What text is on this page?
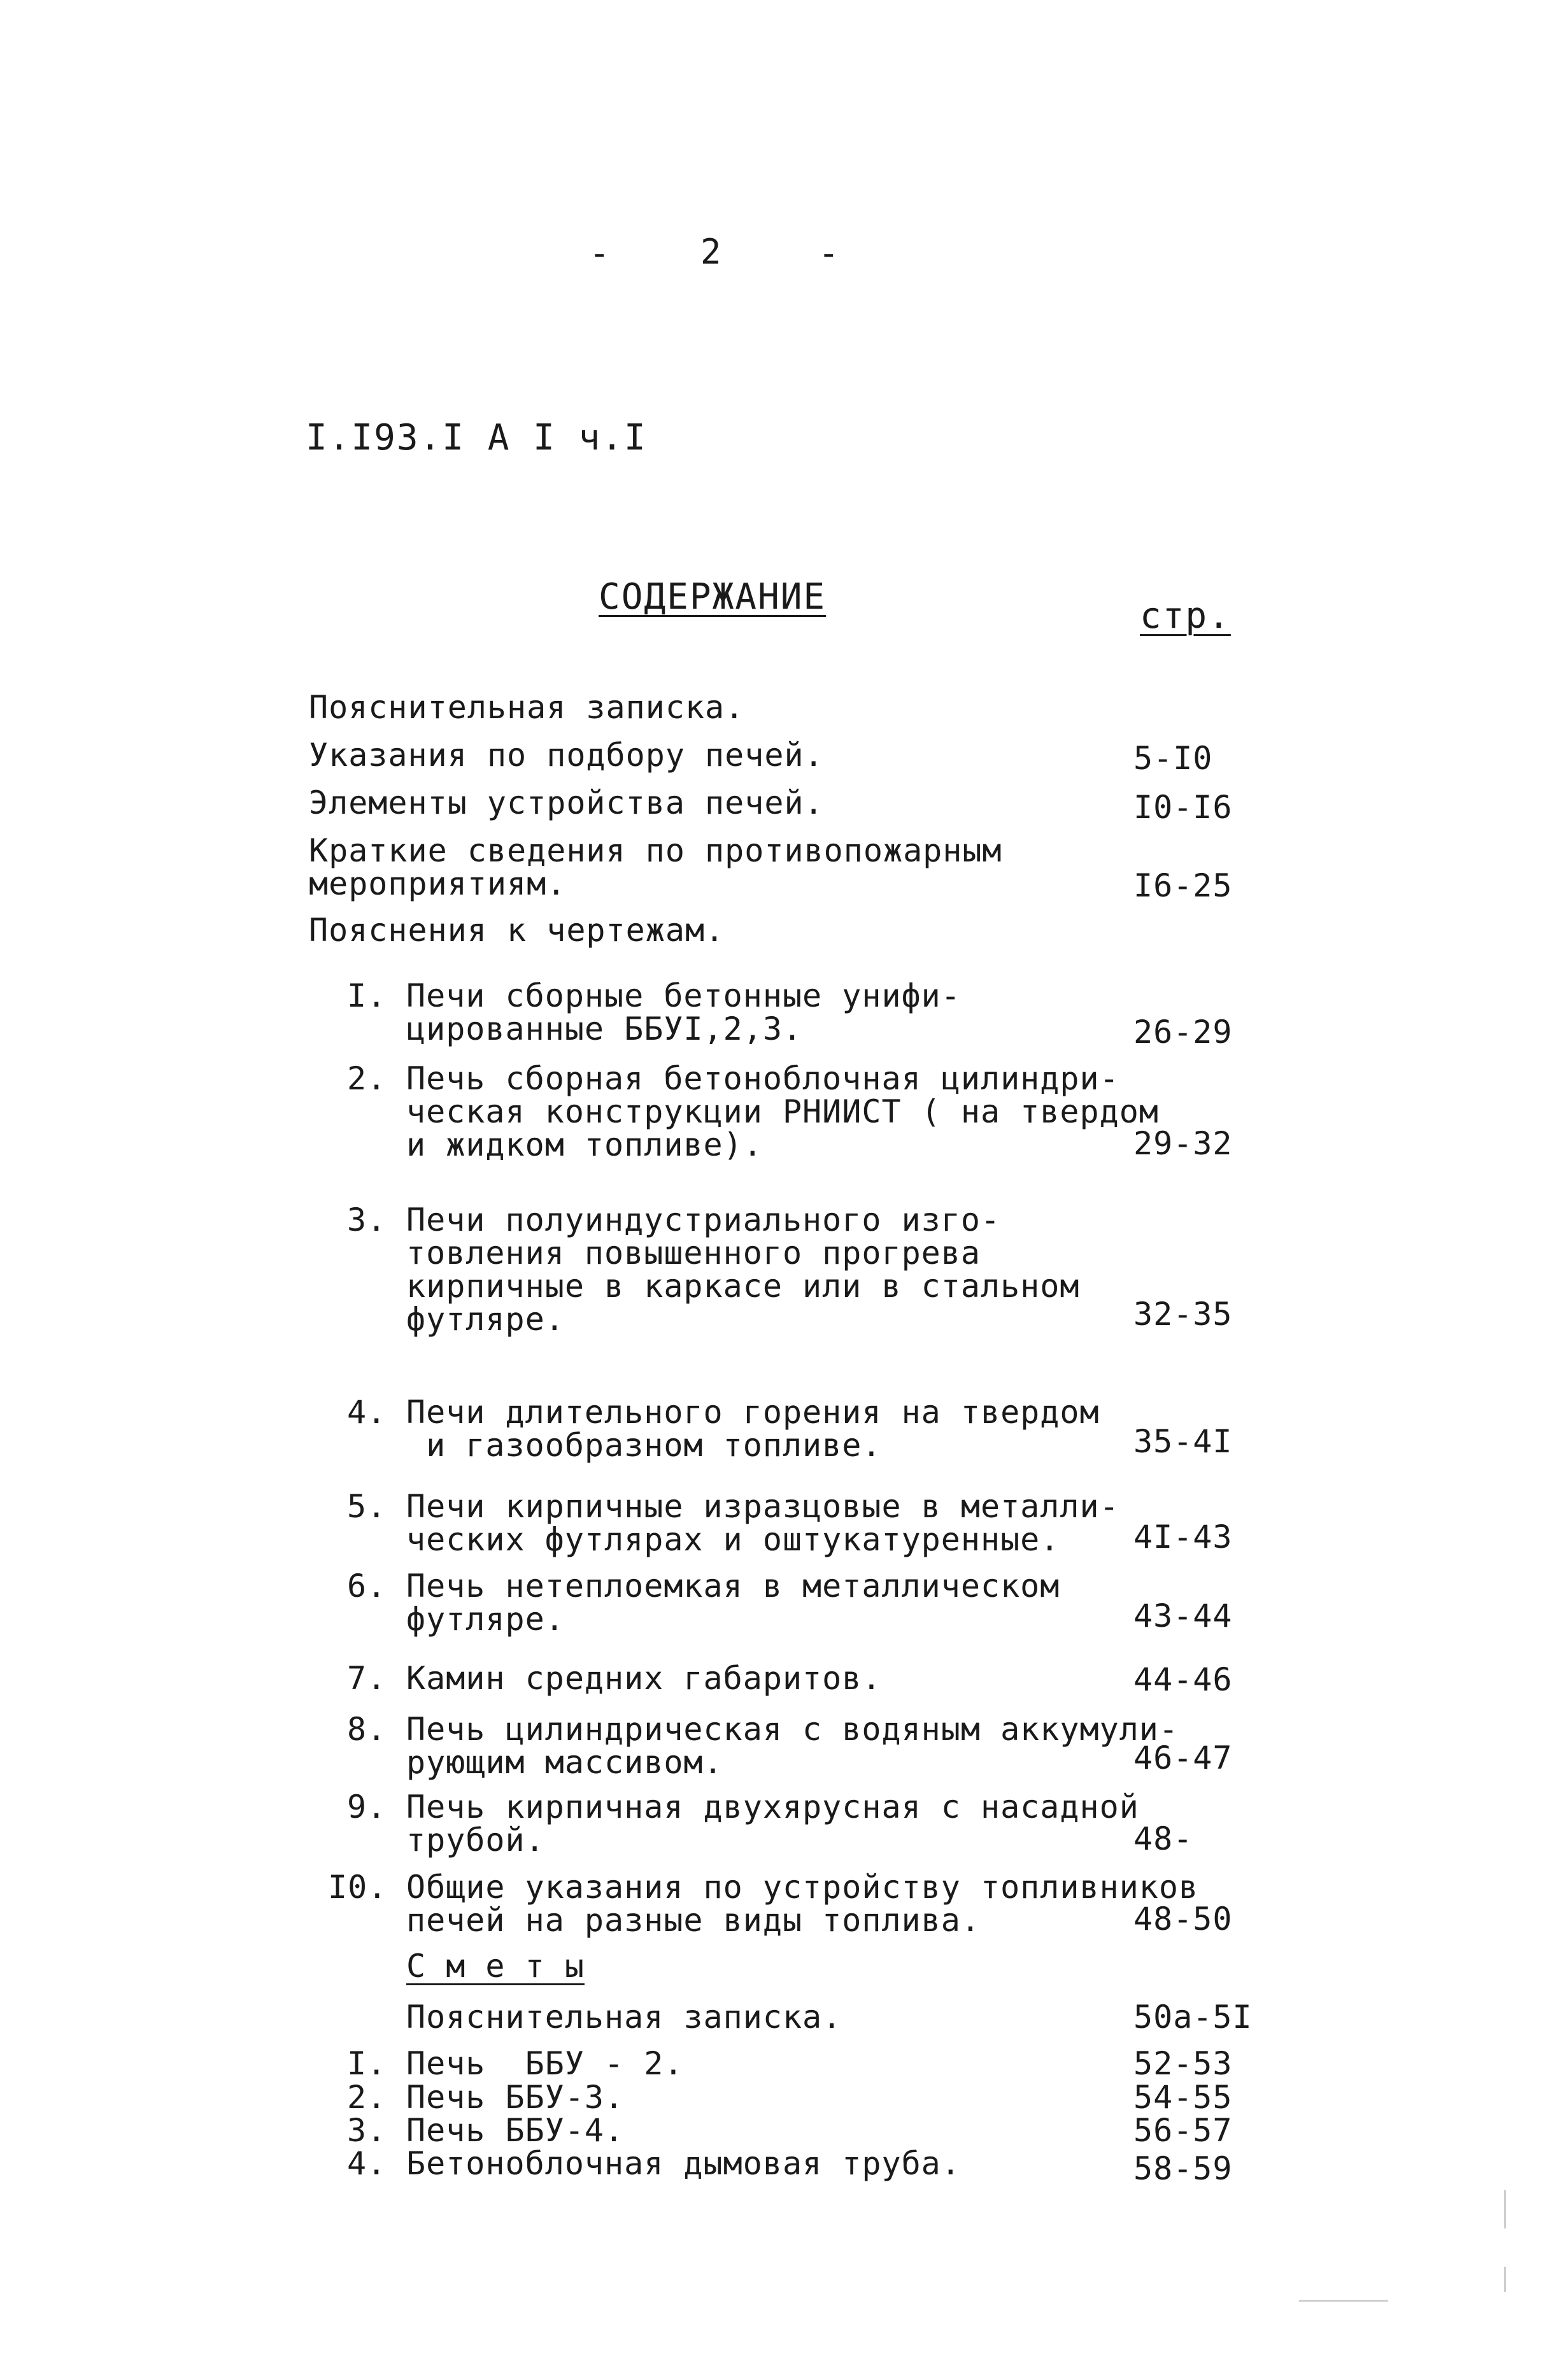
-	2	-
I.I93.I A I ч.I
СОДЕРЖАНИЕ	стр.
Пояснительная записка.
Указания по подбору печей.	5-I0
Элементы устройства печей.	I0-I6
Краткие сведения по противопожарным
мероприятиям.	I6-25
Пояснения к чертежам.
I. Печи сборные бетонные унифи-
цированные ББУI,2,3.	26-29
2. Печь сборная бетоноблочная цилиндри-
ческая конструкции РНИИСТ ( на твердом
и жидком топливе).	29-32
3. Печи полуиндустриального изго-
товления повышенного прогрева
кирпичные в каркасе или в стальном
футляре.	32-35
4. Печи длительного горения на твердом
и газообразном топливе.	35-4I
5. Печи кирпичные изразцовые в металли-
ческих футлярах и оштукатуренные.	4I-43
6. Печь нетеплоемкая в металлическом
футляре.	43-44
7. Камин средних габаритов.	44-46
8. Печь цилиндрическая с водяным аккумули-
рующим массивом.	46-47
9. Печь кирпичная двухярусная с насадной
трубой.	48-
I0. Общие указания по устройству топливников
печей на разные виды топлива.	48-50
С м е т ы
Пояснительная записка.	50а-5I
I. Печь  ББУ - 2.	52-53
2. Печь ББУ-3.	54-55
3. Печь ББУ-4.	56-57
4. Бетоноблочная дымовая труба.	58-59
